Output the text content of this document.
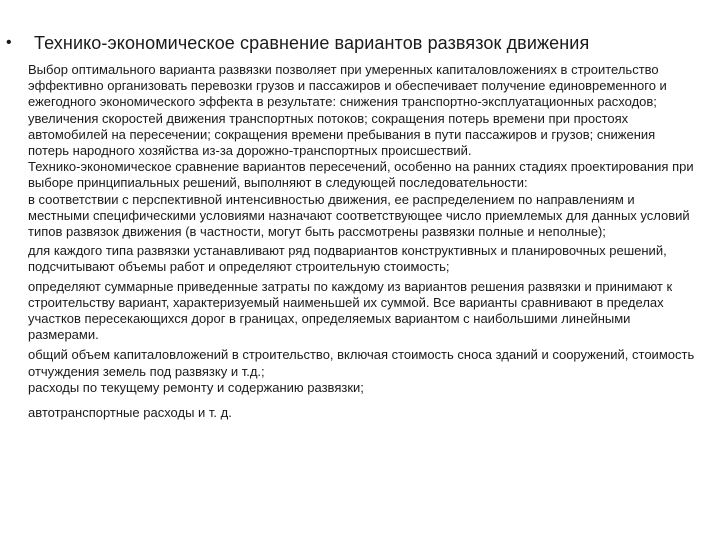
• Технико-экономическое сравнение вариантов развязок движения

Выбор оптимального варианта развязки позволяет при умеренных капиталовложениях в строительство эффективно организовать перевозки грузов и пассажиров и обеспечивает получение единовременного и ежегодного экономического эффекта в результате: снижения транспортно-эксплуатационных расходов; увеличения скоростей движения транспортных потоков; сокращения потерь времени при простоях автомобилей на пересечении; сокращения времени пребывания в пути пассажиров и грузов; снижения потерь народного хозяйства из-за дорожно-транспортных происшествий.

Технико-экономическое сравнение вариантов пересечений, особенно на ранних стадиях проектирования при выборе принципиальных решений, выполняют в следующей последовательности:

в соответствии с перспективной интенсивностью движения, ее распределением по направлениям и местными специфическими условиями назначают соответствующее число приемлемых для данных условий типов развязок движения (в частности, могут быть рассмотрены развязки полные и неполные);

для каждого типа развязки устанавливают ряд подвариантов конструктивных и планировочных решений, подсчитывают объемы работ и определяют строительную стоимость;

определяют суммарные приведенные затраты по каждому из вариантов решения развязки и принимают к строительству вариант, характеризуемый наименьшей их суммой. Все варианты сравнивают в пределах участков пересекающихся дорог в границах, определяемых вариантом с наибольшими линейными размерами.

общий объем капиталовложений в строительство, включая стоимость сноса зданий и сооружений, стоимость отчуждения земель под развязку и т.д.;

расходы по текущему ремонту и содержанию развязки;

автотранспортные расходы и т. д.
